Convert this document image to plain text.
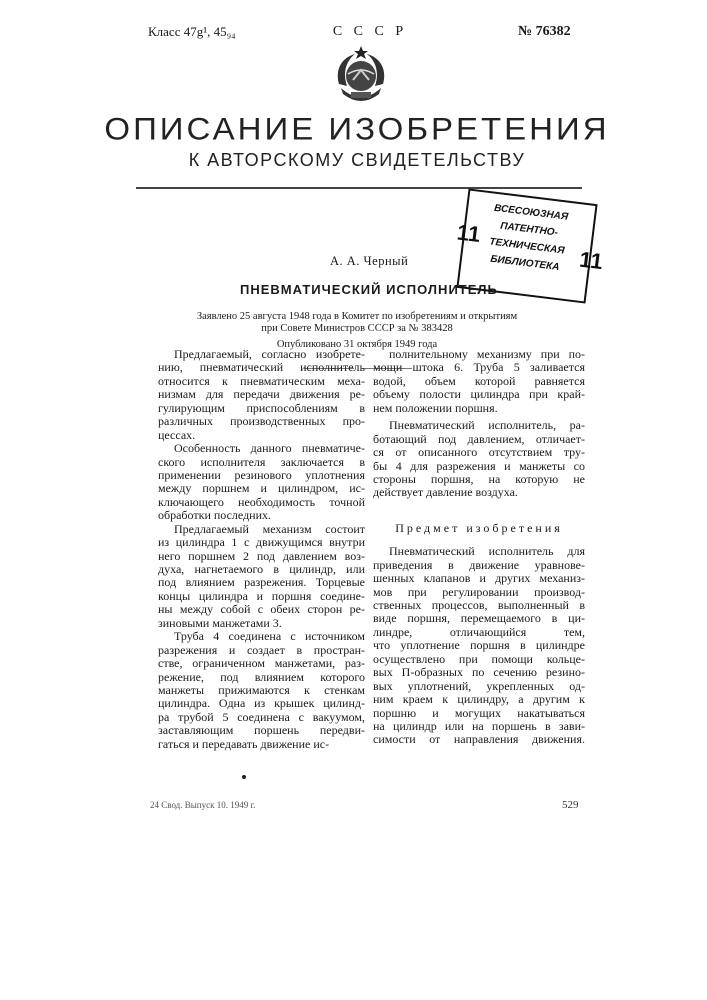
Класс 47g¹, 45₉₄	С С С Р	№ 76382
ОПИСАНИЕ ИЗОБРЕТЕНИЯ
К АВТОРСКОМУ СВИДЕТЕЛЬСТВУ
11
11
ВСЕСОЮЗНАЯ
ПАТЕНТНО-
ТЕХНИЧЕСКАЯ
БИБЛИОТЕКА
А. А. Черный
ПНЕВМАТИЧЕСКИЙ ИСПОЛНИТЕЛЬ
Заявлено 25 августа 1948 года в Комитет по изобретениям и открытиям
при Совете Министров СССР за № 383428
Опубликовано 31 октября 1949 года
Предлагаемый, согласно изобрете-
нию, пневматический исполнитель
относится к пневматическим меха-
низмам для передачи движения ре-
гулирующим приспособлениям в
различных производственных про-
цессах.
Особенность данного пневматиче-
ского исполнителя заключается в
применении резинового уплотнения
между поршнем и цилиндром, ис-
ключающего необходимость точной
обработки последних.
Предлагаемый механизм состоит
из цилиндра 1 с движущимся внутри
него поршнем 2 под давлением воз-
духа, нагнетаемого в цилиндр, или
под влиянием разрежения. Торцевые
концы цилиндра и поршня соедине-
ны между собой с обеих сторон ре-
зиновыми манжетами 3.
Труба 4 соединена с источником
разрежения и создает в простран-
стве, ограниченном манжетами, раз-
режение, под влиянием которого
манжеты прижимаются к стенкам
цилиндра. Одна из крышек цилинд-
ра трубой 5 соединена с вакуумом,
заставляющим поршень передви-
гаться и передавать движение ис-
полнительному механизму при по-
мощи штока 6. Труба 5 заливается
водой, объем которой равняется
объему полости цилиндра при край-
нем положении поршня.
Пневматический исполнитель, ра-
ботающий под давлением, отличает-
ся от описанного отсутствием тру-
бы 4 для разрежения и манжеты со
стороны поршня, на которую не
действует давление воздуха.
Предмет изобретения
Пневматический исполнитель для
приведения в движение уравнове-
шенных клапанов и других механиз-
мов при регулировании производ-
ственных процессов, выполненный в
виде поршня, перемещаемого в ци-
линдре, отличающийся тем,
что уплотнение поршня в цилиндре
осуществлено при помощи кольце-
вых П-образных по сечению резино-
вых уплотнений, укрепленных од-
ним краем к цилиндру, а другим к
поршню и могущих накатываться
на цилиндр или на поршень в зави-
симости от направления движения.
24 Свод. Выпуск 10. 1949 г.	529
